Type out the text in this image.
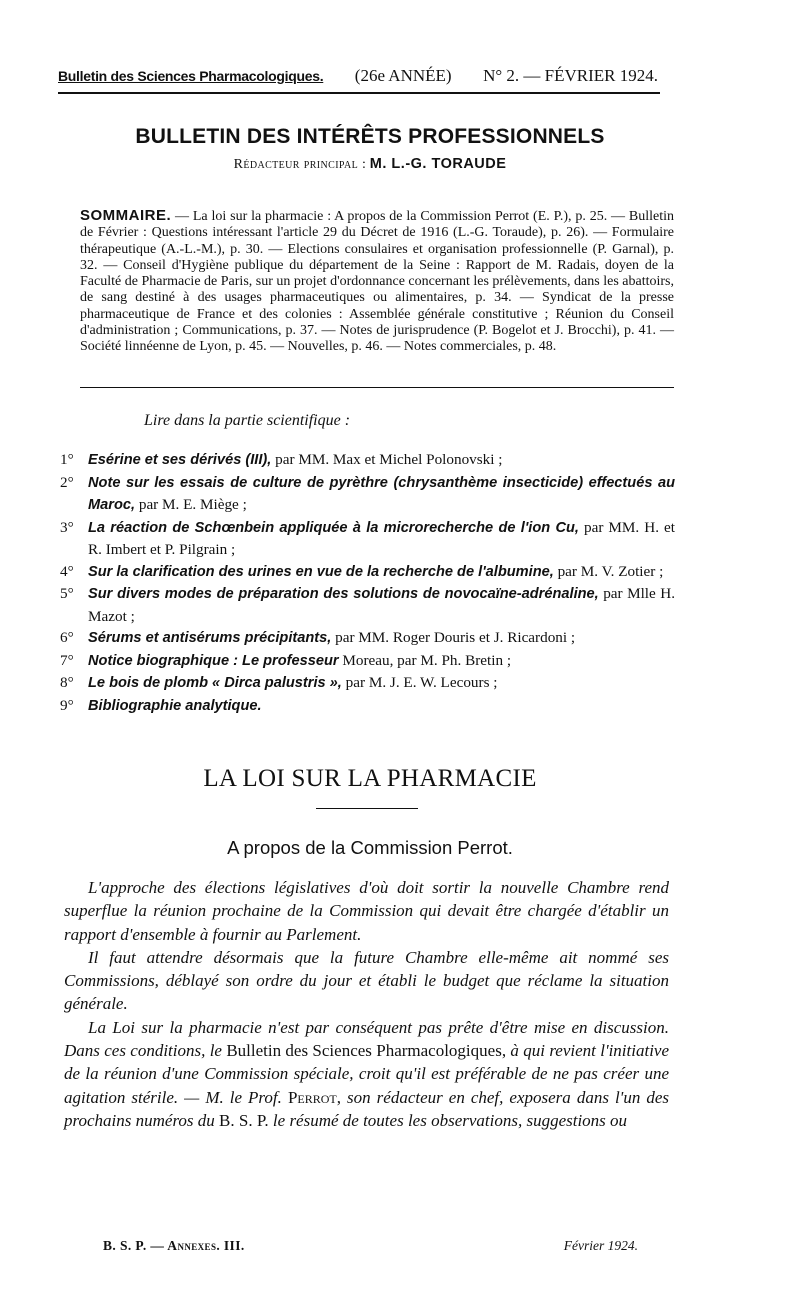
Bulletin des Sciences Pharmacologiques. (26e ANNÉE) N° 2. — FÉVRIER 1924.
BULLETIN DES INTÉRÊTS PROFESSIONNELS
Rédacteur principal : M. L.-G. TORAUDE
SOMMAIRE. — La loi sur la pharmacie : A propos de la Commission Perrot (E. P.), p. 25. — Bulletin de Février : Questions intéressant l'article 29 du Décret de 1916 (L.-G. Toraude), p. 26). — Formulaire thérapeutique (A.-L.-M.), p. 30. — Elections consulaires et organisation professionnelle (P. Garnal), p. 32. — Conseil d'Hygiène publique du département de la Seine : Rapport de M. Radais, doyen de la Faculté de Pharmacie de Paris, sur un projet d'ordonnance concernant les prélèvements, dans les abattoirs, de sang destiné à des usages pharmaceutiques ou alimentaires, p. 34. — Syndicat de la presse pharmaceutique de France et des colonies : Assemblée générale constitutive ; Réunion du Conseil d'administration ; Communications, p. 37. — Notes de jurisprudence (P. Bogelot et J. Brocchi), p. 41. — Société linnéenne de Lyon, p. 45. — Nouvelles, p. 46. — Notes commerciales, p. 48.
Lire dans la partie scientifique :
1° Esérine et ses dérivés (III), par MM. Max et Michel Polonovski ;
2° Note sur les essais de culture de pyrèthre (chrysanthème insecticide) effectués au Maroc, par M. E. Miège ;
3° La réaction de Schœnbein appliquée à la microrecherche de l'ion Cu, par MM. H. et R. Imbert et P. Pilgrain ;
4° Sur la clarification des urines en vue de la recherche de l'albumine, par M. V. Zotier ;
5° Sur divers modes de préparation des solutions de novocaïne-adrénaline, par Mlle H. Mazot ;
6° Sérums et antisérums précipitants, par MM. Roger Douris et J. Ricardoni ;
7° Notice biographique : Le professeur Moreau, par M. Ph. Bretin ;
8° Le bois de plomb « Dirca palustris », par M. J. E. W. Lecours ;
9° Bibliographie analytique.
LA LOI SUR LA PHARMACIE
A propos de la Commission Perrot.

L'approche des élections législatives d'où doit sortir la nouvelle Chambre rend superflue la réunion prochaine de la Commission qui devait être chargée d'établir un rapport d'ensemble à fournir au Parlement.

Il faut attendre désormais que la future Chambre elle-même ait nommé ses Commissions, déblayé son ordre du jour et établi le budget que réclame la situation générale.

La Loi sur la pharmacie n'est par conséquent pas prête d'être mise en discussion. Dans ces conditions, le Bulletin des Sciences Pharmacologiques, à qui revient l'initiative de la réunion d'une Commission spéciale, croit qu'il est préférable de ne pas créer une agitation stérile. — M. le Prof. Perrot, son rédacteur en chef, exposera dans l'un des prochains numéros du B. S. P. le résumé de toutes les observations, suggestions ou

B. S. P. — Annexes. III.	Février 1924.
